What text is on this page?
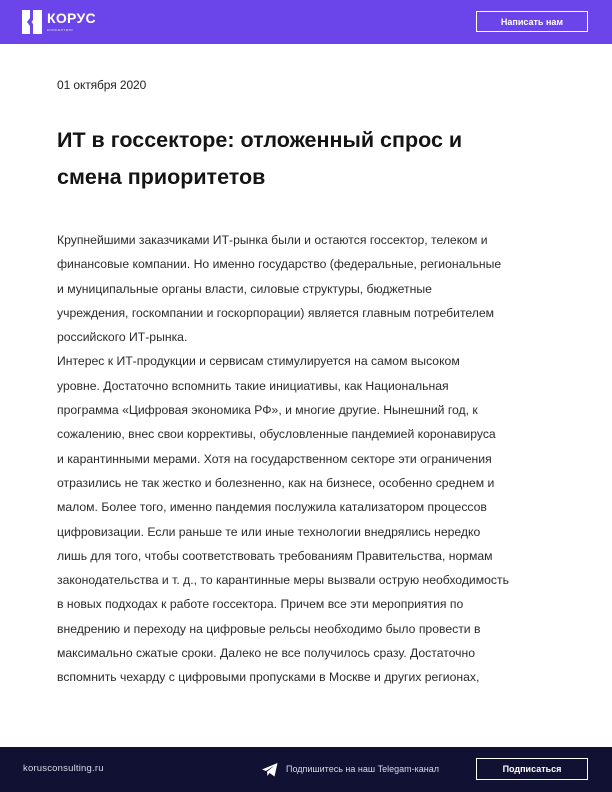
КОРУС
консалтинг
Написать нам
01 октября 2020
ИТ в госсекторе: отложенный спрос и
смена приоритетов
Крупнейшими заказчиками ИТ-рынка были и остаются госсектор, телеком и
финансовые компании. Но именно государство (федеральные, региональные
и муниципальные органы власти, силовые структуры, бюджетные
учреждения, госкомпании и госкорпорации) является главным потребителем
российского ИТ-рынка.
Интерес к ИТ-продукции и сервисам стимулируется на самом высоком
уровне. Достаточно вспомнить такие инициативы, как Национальная
программа «Цифровая экономика РФ», и многие другие. Нынешний год, к
сожалению, внес свои коррективы, обусловленные пандемией коронавируса
и карантинными мерами. Хотя на государственном секторе эти ограничения
отразились не так жестко и болезненно, как на бизнесе, особенно среднем и
малом. Более того, именно пандемия послужила катализатором процессов
цифровизации. Если раньше те или иные технологии внедрялись нередко
лишь для того, чтобы соответствовать требованиям Правительства, нормам
законодательства и т. д., то карантинные меры вызвали острую необходимость
в новых подходах к работе госсектора. Причем все эти мероприятия по
внедрению и переходу на цифровые рельсы необходимо было провести в
максимально сжатые сроки. Далеко не все получилось сразу. Достаточно
вспомнить чехарду с цифровыми пропусками в Москве и других регионах,
korusconsulting.ru	Подпишитесь на наш Telegam-канал	Подписаться
